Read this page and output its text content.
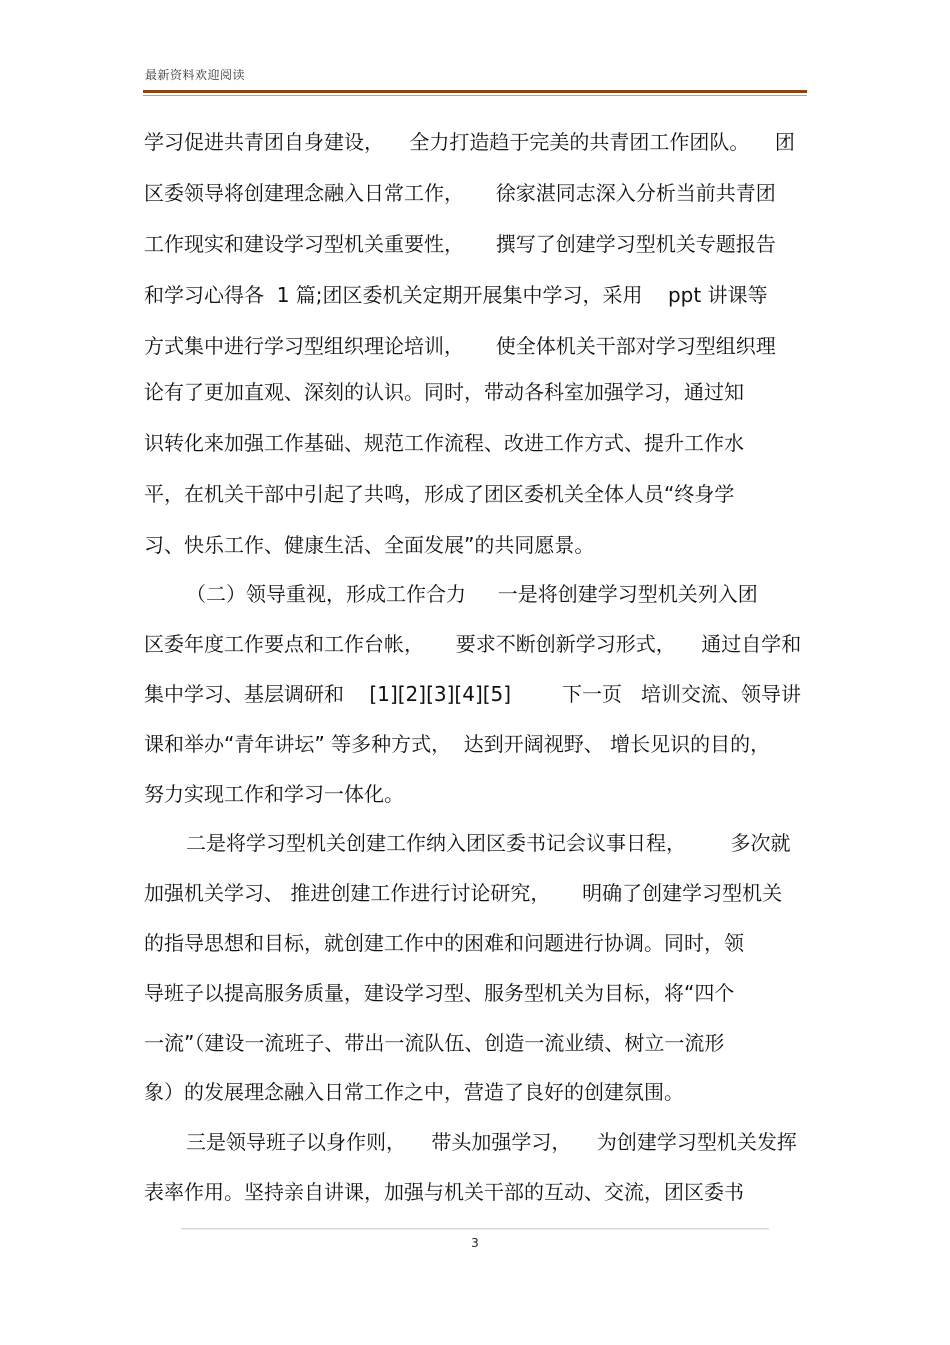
最新资料欢迎阅读
学习促进共青团自身建设，    全力打造趋于完美的共青团工作团队。    团
区委领导将创建理念融入日常工作，     徐家湛同志深入分析当前共青团
工作现实和建设学习型机关重要性，     撰写了创建学习型机关专题报告
和学习心得各  1 篇;团区委机关定期开展集中学习，采用    ppt 讲课等
方式集中进行学习型组织理论培训，     使全体机关干部对学习型组织理
论有了更加直观、深刻的认识。同时，带动各科室加强学习，通过知
识转化来加强工作基础、规范工作流程、改进工作方式、提升工作水
平，在机关干部中引起了共鸣，形成了团区委机关全体人员“终身学
习、快乐工作、健康生活、全面发展”的共同愿景。
（二）领导重视，形成工作合力     一是将创建学习型机关列入团
区委年度工作要点和工作台帐，     要求不断创新学习形式，    通过自学和
集中学习、基层调研和    [1][2][3][4][5]        下一页   培训交流、领导讲
课和举办“青年讲坛” 等多种方式，  达到开阔视野、 增长见识的目的，
努力实现工作和学习一体化。
二是将学习型机关创建工作纳入团区委书记会议事日程，       多次就
加强机关学习、 推进创建工作进行讨论研究，     明确了创建学习型机关
的指导思想和目标，就创建工作中的困难和问题进行协调。同时，领
导班子以提高服务质量，建设学习型、服务型机关为目标，将“四个
一流”（建设一流班子、带出一流队伍、创造一流业绩、树立一流形
象）的发展理念融入日常工作之中，营造了良好的创建氛围。
三是领导班子以身作则，    带头加强学习，    为创建学习型机关发挥
表率作用。坚持亲自讲课，加强与机关干部的互动、交流，团区委书
3
